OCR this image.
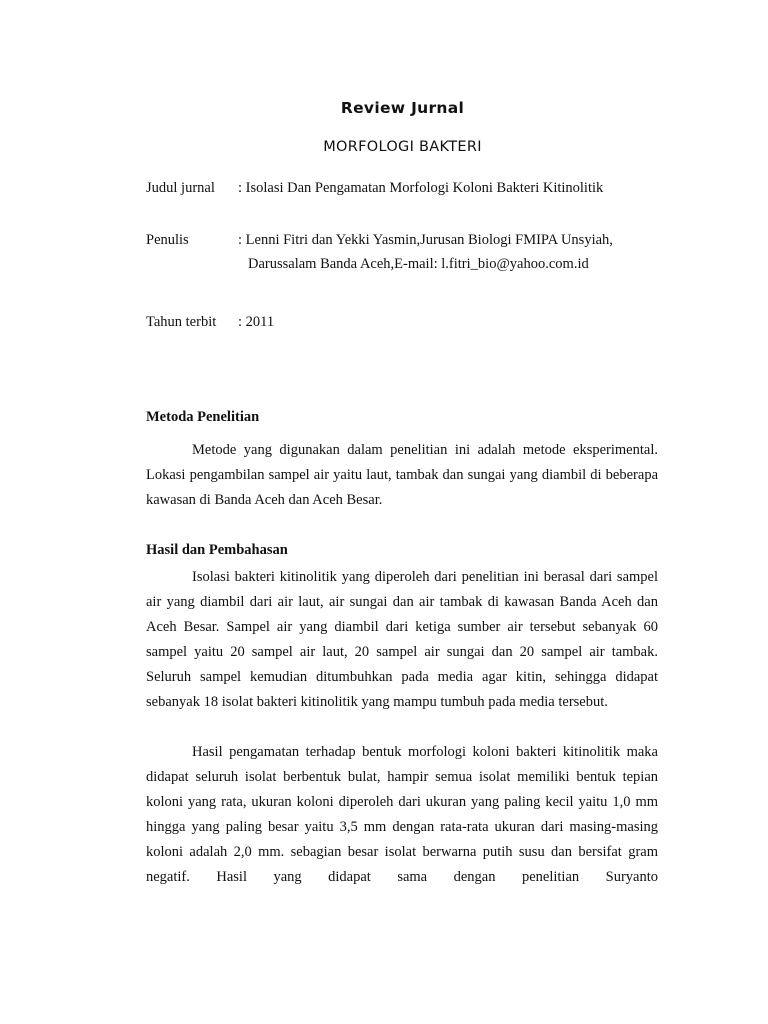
Review Jurnal
MORFOLOGI BAKTERI
Judul jurnal : Isolasi Dan Pengamatan Morfologi Koloni Bakteri Kitinolitik
Penulis	: Lenni Fitri dan Yekki Yasmin,Jurusan Biologi FMIPA Unsyiah,
Darussalam Banda Aceh,E-mail: l.fitri_bio@yahoo.com.id
Tahun terbit : 2011
Metoda Penelitian

Metode yang digunakan dalam penelitian ini adalah metode eksperimental. Lokasi pengambilan sampel air yaitu laut, tambak dan sungai yang diambil di beberapa kawasan di Banda Aceh dan Aceh Besar.

Hasil dan Pembahasan

Isolasi bakteri kitinolitik yang diperoleh dari penelitian ini berasal dari sampel air yang diambil dari air laut, air sungai dan air tambak di kawasan Banda Aceh dan Aceh Besar. Sampel air yang diambil dari ketiga sumber air tersebut sebanyak 60 sampel yaitu 20 sampel air laut, 20 sampel air sungai dan 20 sampel air tambak. Seluruh sampel kemudian ditumbuhkan pada media agar kitin, sehingga didapat sebanyak 18 isolat bakteri kitinolitik yang mampu tumbuh pada media tersebut.

Hasil pengamatan terhadap bentuk morfologi koloni bakteri kitinolitik maka didapat seluruh isolat berbentuk bulat, hampir semua isolat memiliki bentuk tepian koloni yang rata, ukuran koloni diperoleh dari ukuran yang paling kecil yaitu 1,0 mm hingga yang paling besar yaitu 3,5 mm dengan rata-rata ukuran dari masing-masing koloni adalah 2,0 mm. sebagian besar isolat berwarna putih susu dan bersifat gram negatif. Hasil yang didapat sama dengan penelitian Suryanto
